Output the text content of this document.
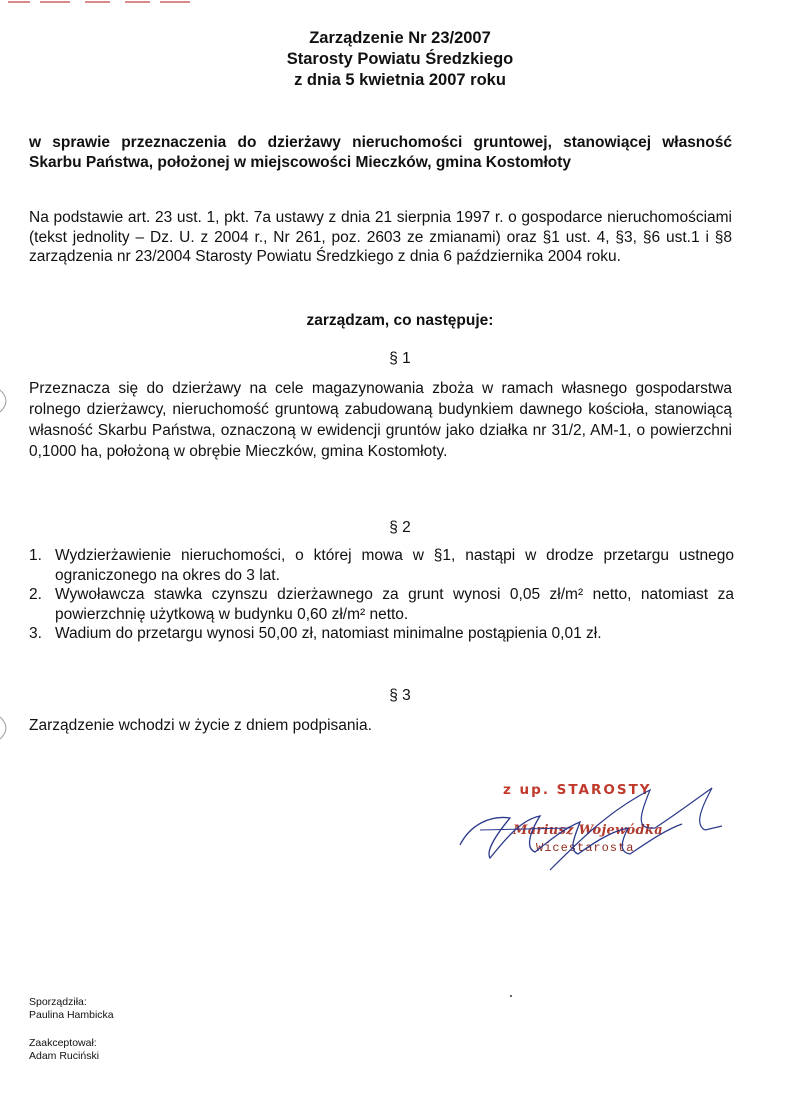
Zarządzenie Nr 23/2007
Starosty Powiatu Średzkiego
z dnia 5 kwietnia 2007 roku
w sprawie przeznaczenia do dzierżawy nieruchomości gruntowej, stanowiącej własność Skarbu Państwa, położonej w miejscowości Mieczków, gmina Kostomłoty
Na podstawie art. 23 ust. 1, pkt. 7a ustawy z dnia 21 sierpnia 1997 r. o gospodarce nieruchomościami (tekst jednolity – Dz. U. z 2004 r., Nr 261, poz. 2603 ze zmianami) oraz §1 ust. 4, §3, §6 ust.1 i §8 zarządzenia nr 23/2004 Starosty Powiatu Średzkiego z dnia 6 października 2004 roku.
zarządzam, co następuje:
§ 1
Przeznacza się do dzierżawy na cele magazynowania zboża w ramach własnego gospodarstwa rolnego dzierżawcy, nieruchomość gruntową zabudowaną budynkiem dawnego kościoła, stanowiącą własność Skarbu Państwa, oznaczoną w ewidencji gruntów jako działka nr 31/2, AM-1, o powierzchni 0,1000 ha, położoną w obrębie Mieczków, gmina Kostomłoty.
§ 2
1. Wydzierżawienie nieruchomości, o której mowa w §1, nastąpi w drodze przetargu ustnego ograniczonego na okres do 3 lat.
2. Wywoławcza stawka czynszu dzierżawnego za grunt wynosi 0,05 zł/m² netto, natomiast za powierzchnię użytkową w budynku 0,60 zł/m² netto.
3. Wadium do przetargu wynosi 50,00 zł, natomiast minimalne postąpienia 0,01 zł.
§ 3
Zarządzenie wchodzi w życie z dniem podpisania.
z up. STAROSTY
Mariusz Wojewódka
Wicestarosta
Sporządziła:
Paulina Hambicka
Zaakceptował:
Adam Ruciński
